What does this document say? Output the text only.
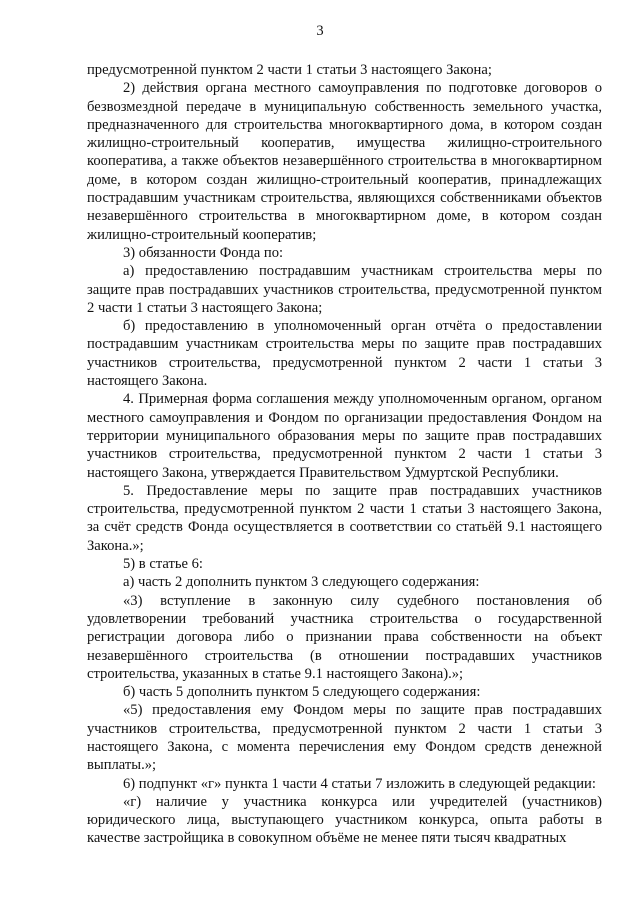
3

предусмотренной пунктом 2 части 1 статьи 3 настоящего Закона;

2) действия органа местного самоуправления по подготовке договоров о безвозмездной передаче в муниципальную собственность земельного участка, предназначенного для строительства многоквартирного дома, в котором создан жилищно-строительный кооператив, имущества жилищно-строительного кооператива, а также объектов незавершённого строительства в многоквартирном доме, в котором создан жилищно-строительный кооператив, принадлежащих пострадавшим участникам строительства, являющихся собственниками объектов незавершённого строительства в многоквартирном доме, в котором создан жилищно-строительный кооператив;

3) обязанности Фонда по:

а) предоставлению пострадавшим участникам строительства меры по защите прав пострадавших участников строительства, предусмотренной пунктом 2 части 1 статьи 3 настоящего Закона;

б) предоставлению в уполномоченный орган отчёта о предоставлении пострадавшим участникам строительства меры по защите прав пострадавших участников строительства, предусмотренной пунктом 2 части 1 статьи 3 настоящего Закона.

4. Примерная форма соглашения между уполномоченным органом, органом местного самоуправления и Фондом по организации предоставления Фондом на территории муниципального образования меры по защите прав пострадавших участников строительства, предусмотренной пунктом 2 части 1 статьи 3 настоящего Закона, утверждается Правительством Удмуртской Республики.

5. Предоставление меры по защите прав пострадавших участников строительства, предусмотренной пунктом 2 части 1 статьи 3 настоящего Закона, за счёт средств Фонда осуществляется в соответствии со статьёй 9.1 настоящего Закона.»;

5) в статье 6:

а) часть 2 дополнить пунктом 3 следующего содержания:

«3) вступление в законную силу судебного постановления об удовлетворении требований участника строительства о государственной регистрации договора либо о признании права собственности на объект незавершённого строительства (в отношении пострадавших участников строительства, указанных в статье 9.1 настоящего Закона).»;

б) часть 5 дополнить пунктом 5 следующего содержания:

«5) предоставления ему Фондом меры по защите прав пострадавших участников строительства, предусмотренной пунктом 2 части 1 статьи 3 настоящего Закона, с момента перечисления ему Фондом средств денежной выплаты.»;

6) подпункт «г» пункта 1 части 4 статьи 7 изложить в следующей редакции:

«г) наличие у участника конкурса или учредителей (участников) юридического лица, выступающего участником конкурса, опыта работы в качестве застройщика в совокупном объёме не менее пяти тысяч квадратных
